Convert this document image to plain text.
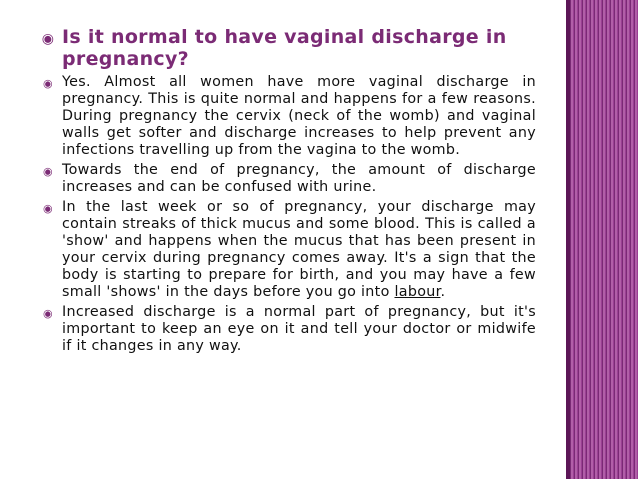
◉ Is it normal to have vaginal discharge in pregnancy?
◉ Yes. Almost all women have more vaginal discharge in pregnancy. This is quite normal and happens for a few reasons. During pregnancy the cervix (neck of the womb) and vaginal walls get softer and discharge increases to help prevent any infections travelling up from the vagina to the womb.
◉ Towards the end of pregnancy, the amount of discharge increases and can be confused with urine.
◉ In the last week or so of pregnancy, your discharge may contain streaks of thick mucus and some blood. This is called a 'show' and happens when the mucus that has been present in your cervix during pregnancy comes away. It's a sign that the body is starting to prepare for birth, and you may have a few small 'shows' in the days before you go into labour.
◉ Increased discharge is a normal part of pregnancy, but it's important to keep an eye on it and tell your doctor or midwife if it changes in any way.
